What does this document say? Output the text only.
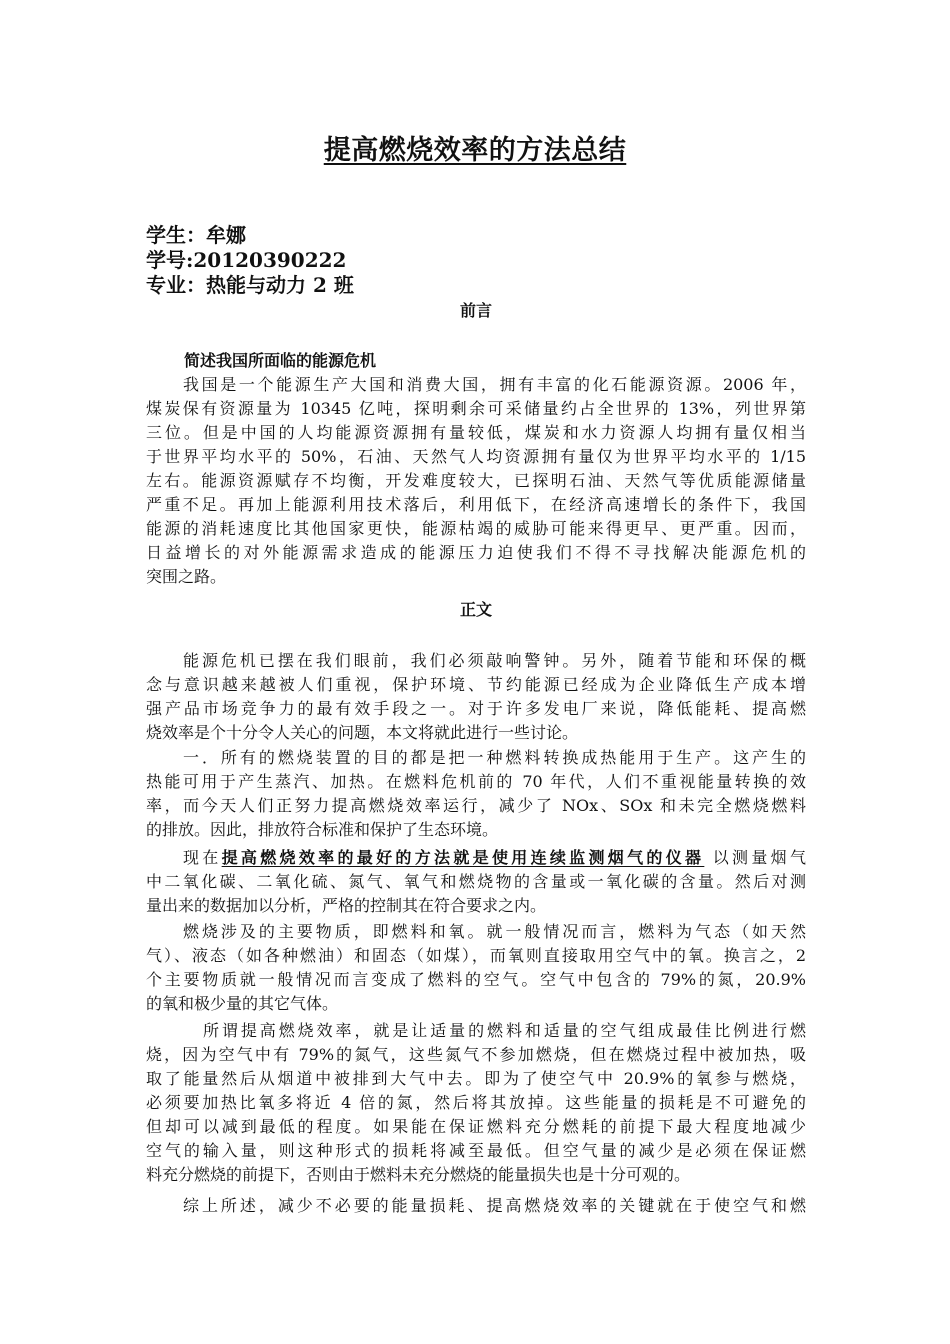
提高燃烧效率的方法总结
学生：牟娜
学号:20120390222
专业：热能与动力 2 班
前言
简述我国所面临的能源危机
我国是一个能源生产大国和消费大国，拥有丰富的化石能源资源。2006 年，
煤炭保有资源量为 10345 亿吨，探明剩余可采储量约占全世界的 13%，列世界第
三位。但是中国的人均能源资源拥有量较低，煤炭和水力资源人均拥有量仅相当
于世界平均水平的 50%，石油、天然气人均资源拥有量仅为世界平均水平的 1/15
左右。能源资源赋存不均衡，开发难度较大，已探明石油、天然气等优质能源储量
严重不足。再加上能源利用技术落后，利用低下，在经济高速增长的条件下，我国
能源的消耗速度比其他国家更快，能源枯竭的威胁可能来得更早、更严重。因而，
日益增长的对外能源需求造成的能源压力迫使我们不得不寻找解决能源危机的
突围之路。
正文
能源危机已摆在我们眼前，我们必须敲响警钟。另外，随着节能和环保的概
念与意识越来越被人们重视，保护环境、节约能源已经成为企业降低生产成本增
强产品市场竞争力的最有效手段之一。对于许多发电厂来说，降低能耗、提高燃
烧效率是个十分令人关心的问题，本文将就此进行一些讨论。
一．所有的燃烧装置的目的都是把一种燃料转换成热能用于生产。这产生的
热能可用于产生蒸汽、加热。在燃料危机前的 70 年代，人们不重视能量转换的效
率，而今天人们正努力提高燃烧效率运行，减少了 NOx、SOx 和未完全燃烧燃料
的排放。因此，排放符合标准和保护了生态环境。
现在提高燃烧效率的最好的方法就是使用连续监测烟气的仪器 以测量烟气
中二氧化碳、二氧化硫、氮气、氧气和燃烧物的含量或一氧化碳的含量。然后对测
量出来的数据加以分析，严格的控制其在符合要求之内。
燃烧涉及的主要物质，即燃料和氧。就一般情况而言，燃料为气态（如天然
气）、液态（如各种燃油）和固态（如煤），而氧则直接取用空气中的氧。换言之，2
个主要物质就一般情况而言变成了燃料的空气。空气中包含的 79%的氮，20.9%
的氧和极少量的其它气体。
所谓提高燃烧效率，就是让适量的燃料和适量的空气组成最佳比例进行燃
烧，因为空气中有 79%的氮气，这些氮气不参加燃烧，但在燃烧过程中被加热，吸
取了能量然后从烟道中被排到大气中去。即为了使空气中 20.9%的氧参与燃烧，
必须要加热比氧多将近 4 倍的氮，然后将其放掉。这些能量的损耗是不可避免的
但却可以减到最低的程度。如果能在保证燃料充分燃耗的前提下最大程度地减少
空气的输入量，则这种形式的损耗将减至最低。但空气量的减少是必须在保证燃
料充分燃烧的前提下，否则由于燃料未充分燃烧的能量损失也是十分可观的。
综上所述，减少不必要的能量损耗、提高燃烧效率的关键就在于使空气和燃
